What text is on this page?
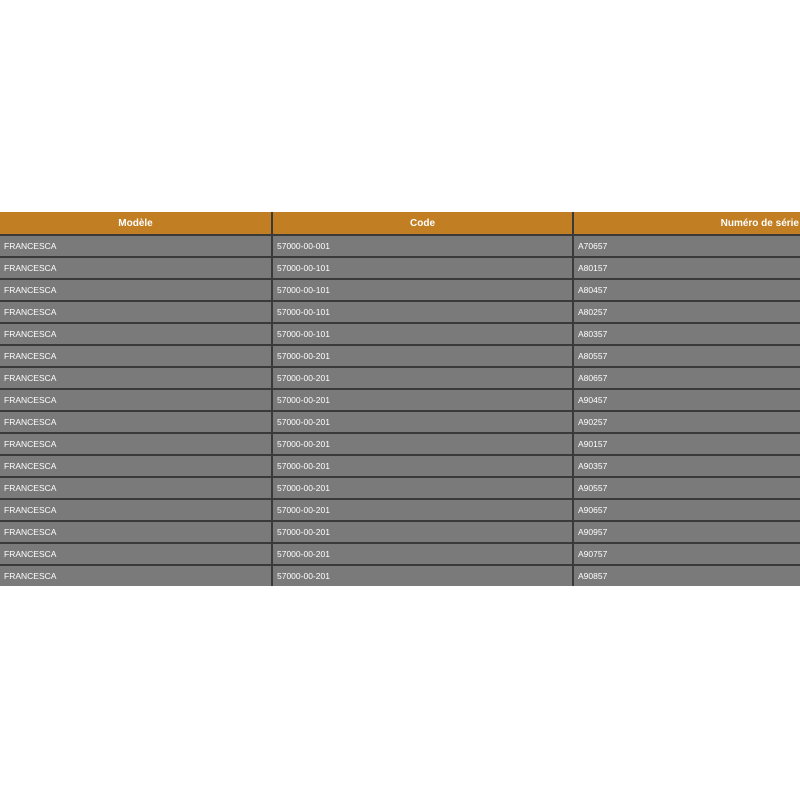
Modèle	Code	Numéro de série
FRANCESCA	57000-00-001	A70657
FRANCESCA	57000-00-101	A80157
FRANCESCA	57000-00-101	A80457
FRANCESCA	57000-00-101	A80257
FRANCESCA	57000-00-101	A80357
FRANCESCA	57000-00-201	A80557
FRANCESCA	57000-00-201	A80657
FRANCESCA	57000-00-201	A90457
FRANCESCA	57000-00-201	A90257
FRANCESCA	57000-00-201	A90157
FRANCESCA	57000-00-201	A90357
FRANCESCA	57000-00-201	A90557
FRANCESCA	57000-00-201	A90657
FRANCESCA	57000-00-201	A90957
FRANCESCA	57000-00-201	A90757
FRANCESCA	57000-00-201	A90857
